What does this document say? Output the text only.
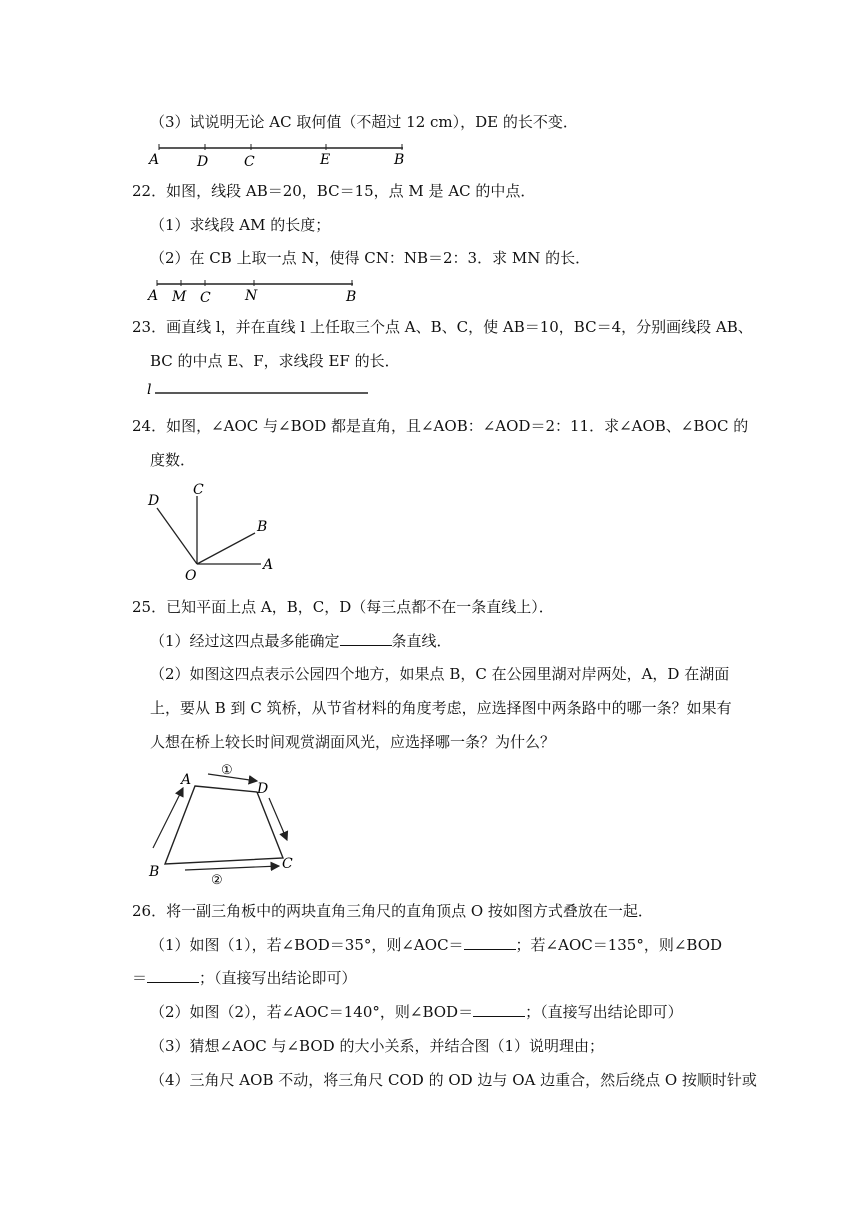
（3）试说明无论 AC 取何值（不超过 12 cm），DE 的长不变．
A	D	C	E	B
22．如图，线段 AB＝20，BC＝15，点 M 是 AC 的中点．
（1）求线段 AM 的长度；
（2）在 CB 上取一点 N，使得 CN：NB＝2：3．求 MN 的长．
A M C N	B
23．画直线 l，并在直线 l 上任取三个点 A、B、C，使 AB＝10，BC＝4，分别画线段 AB、
BC 的中点 E、F，求线段 EF 的长．
l
24．如图，∠AOC 与∠BOD 都是直角，且∠AOB：∠AOD＝2：11．求∠AOB、∠BOC 的
度数．
D
C
B
O
A
25．已知平面上点 A，B，C，D（每三点都不在一条直线上）．
（1）经过这四点最多能确定	条直线．
（2）如图这四点表示公园四个地方，如果点 B，C 在公园里湖对岸两处，A，D 在湖面
上，要从 B 到 C 筑桥，从节省材料的角度考虑，应选择图中两条路中的哪一条？如果有
人想在桥上较长时间观赏湖面风光，应选择哪一条？为什么？
A
D
B	C
①
②
26．将一副三角板中的两块直角三角尺的直角顶点 O 按如图方式叠放在一起．
（1）如图（1），若∠BOD＝35°，则∠AOC＝	；若∠AOC＝135°，则∠BOD
＝	；（直接写出结论即可）
（2）如图（2），若∠AOC＝140°，则∠BOD＝	；（直接写出结论即可）
（3）猜想∠AOC 与∠BOD 的大小关系，并结合图（1）说明理由；
（4）三角尺 AOB 不动，将三角尺 COD 的 OD 边与 OA 边重合，然后绕点 O 按顺时针或
